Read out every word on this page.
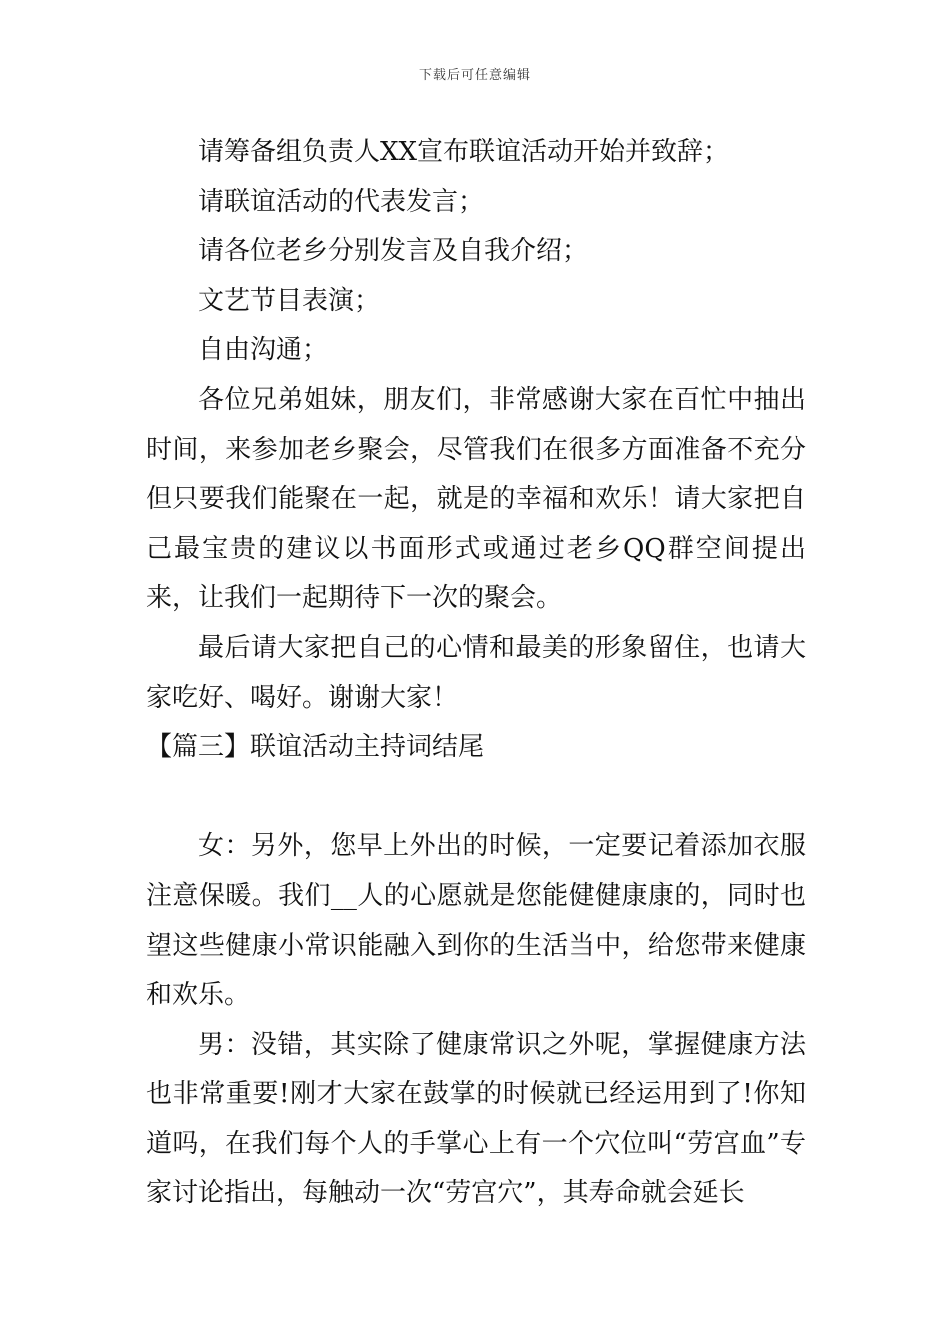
下载后可任意编辑

请筹备组负责人XX宣布联谊活动开始并致辞；

请联谊活动的代表发言；

请各位老乡分别发言及自我介绍；

文艺节目表演；

自由沟通；

各位兄弟姐妹，朋友们，非常感谢大家在百忙中抽出时间，来参加老乡聚会，尽管我们在很多方面准备不充分但只要我们能聚在一起，就是的幸福和欢乐！请大家把自己最宝贵的建议以书面形式或通过老乡QQ群空间提出来，让我们一起期待下一次的聚会。

最后请大家把自己的心情和最美的形象留住，也请大家吃好、喝好。谢谢大家！

【篇三】联谊活动主持词结尾

女：另外，您早上外出的时候，一定要记着添加衣服注意保暖。我们__人的心愿就是您能健健康康的，同时也望这些健康小常识能融入到你的生活当中，给您带来健康和欢乐。

男：没错，其实除了健康常识之外呢，掌握健康方法也非常重要!刚才大家在鼓掌的时候就已经运用到了!你知道吗，在我们每个人的手掌心上有一个穴位叫“劳宫血”专家讨论指出，每触动一次“劳宫穴”，其寿命就会延长
